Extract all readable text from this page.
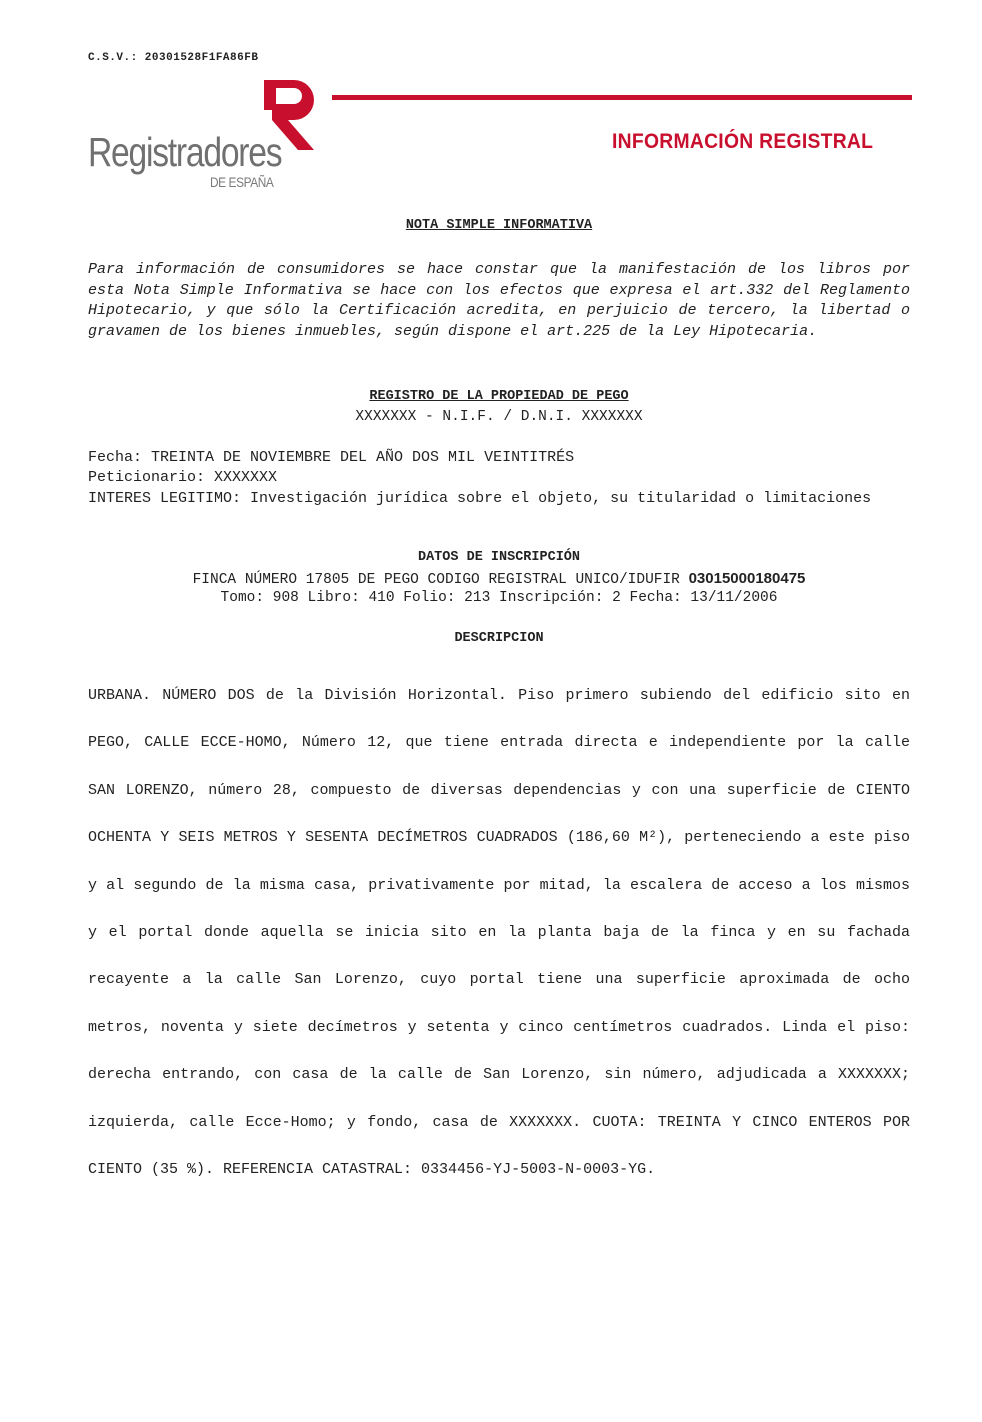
C.S.V.: 20301528F1FA86FB
Registradores
DE ESPAÑA
INFORMACIÓN REGISTRAL
NOTA SIMPLE INFORMATIVA
Para información de consumidores se hace constar que la manifestación de los libros por esta Nota Simple Informativa se hace con los efectos que expresa el art.332 del Reglamento Hipotecario, y que sólo la Certificación acredita, en perjuicio de tercero, la libertad o gravamen de los bienes inmuebles, según dispone el art.225 de la Ley Hipotecaria.
REGISTRO DE LA PROPIEDAD DE PEGO
XXXXXXX - N.I.F. / D.N.I. XXXXXXX
Fecha: TREINTA DE NOVIEMBRE DEL AÑO DOS MIL VEINTITRÉS
Peticionario: XXXXXXX
INTERES LEGITIMO: Investigación jurídica sobre el objeto, su titularidad o limitaciones
DATOS DE INSCRIPCIÓN
FINCA NÚMERO 17805 DE PEGO CODIGO REGISTRAL UNICO/IDUFIR 03015000180475
Tomo: 908 Libro: 410 Folio: 213 Inscripción: 2 Fecha: 13/11/2006
DESCRIPCION
URBANA. NÚMERO DOS de la División Horizontal. Piso primero subiendo del edificio sito en PEGO, CALLE ECCE-HOMO, Número 12, que tiene entrada directa e independiente por la calle SAN LORENZO, número 28, compuesto de diversas dependencias y con una superficie de CIENTO OCHENTA Y SEIS METROS Y SESENTA DECÍMETROS CUADRADOS (186,60 M²), perteneciendo a este piso y al segundo de la misma casa, privativamente por mitad, la escalera de acceso a los mismos y el portal donde aquella se inicia sito en la planta baja de la finca y en su fachada recayente a la calle San Lorenzo, cuyo portal tiene una superficie aproximada de ocho metros, noventa y siete decímetros y setenta y cinco centímetros cuadrados. Linda el piso: derecha entrando, con casa de la calle de San Lorenzo, sin número, adjudicada a XXXXXXX; izquierda, calle Ecce-Homo; y fondo, casa de XXXXXXX. CUOTA: TREINTA Y CINCO ENTEROS POR CIENTO (35 %). REFERENCIA CATASTRAL: 0334456-YJ-5003-N-0003-YG.
